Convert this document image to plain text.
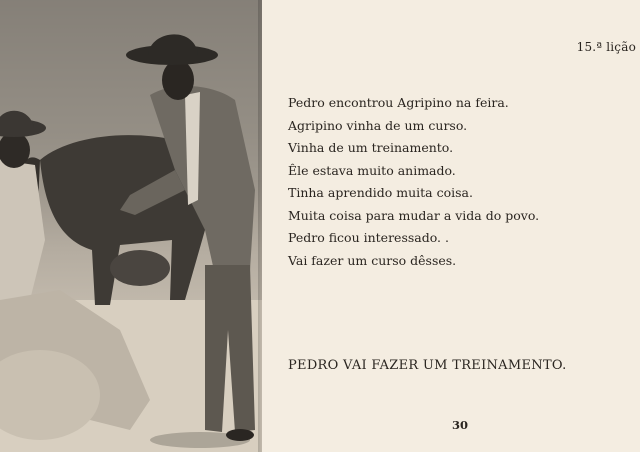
15.ª lição
Pedro encontrou Agripino na feira.
Agripino vinha de um curso.
Vinha de um treinamento.
Êle estava muito animado.
Tinha aprendido muita coisa.
Muita coisa para mudar a vida do povo.
Pedro ficou interessado. .
Vai fazer um curso dêsses.
PEDRO VAI FAZER UM TREINAMENTO.
30
